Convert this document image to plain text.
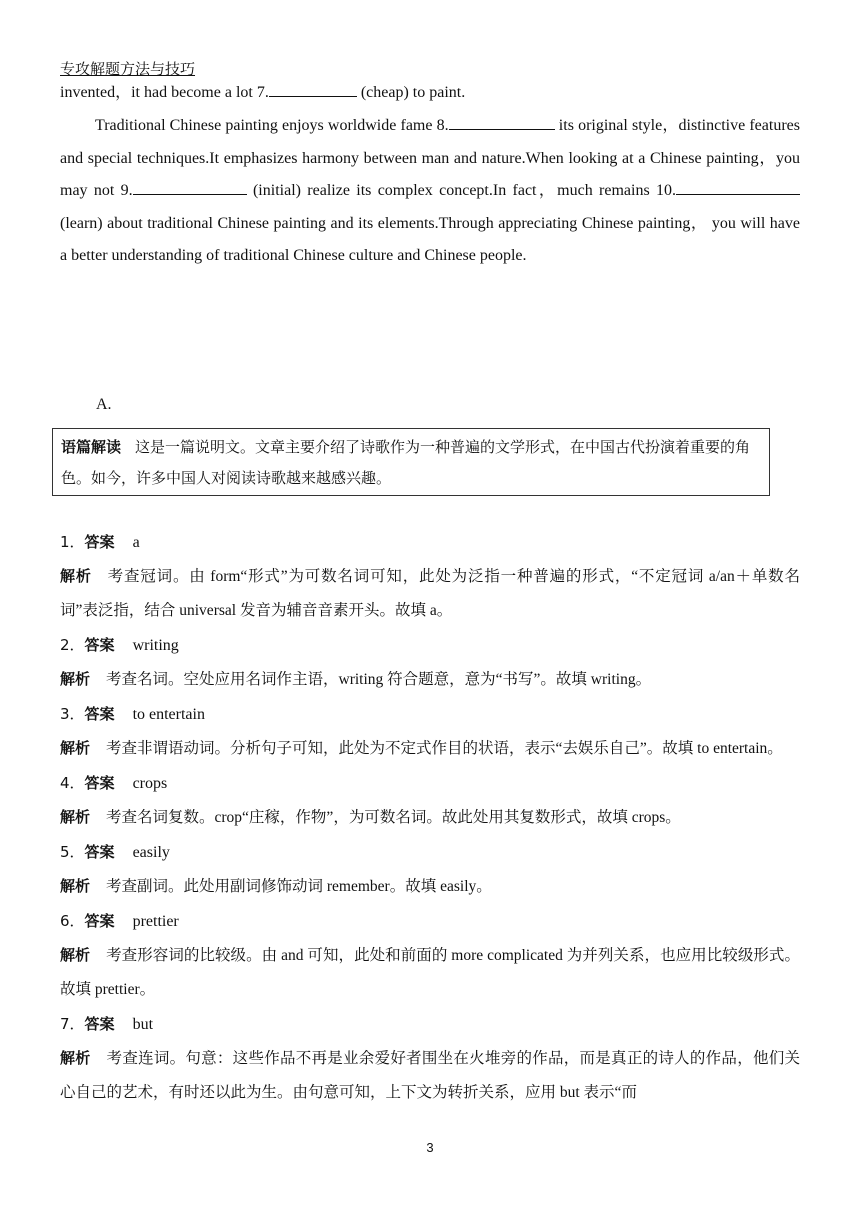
专攻解题方法与技巧
invented，it had become a lot 7.	(cheap) to paint.
Traditional Chinese painting enjoys worldwide fame 8.	its original style，distinctive features and special techniques.It emphasizes harmony between man and nature.When looking at a Chinese painting，you may not 9.	(initial) realize its complex concept.In fact，much remains 10. (learn) about traditional Chinese painting and its elements.Through appreciating Chinese painting， you will have a better understanding of traditional Chinese culture and Chinese people.
A.
语篇解读 这是一篇说明文。文章主要介绍了诗歌作为一种普遍的文学形式，在中国古代扮演着重要的角色。如今，许多中国人对阅读诗歌越来越感兴趣。
1．答案 a
解析 考查冠词。由 form“形式”为可数名词可知，此处为泛指一种普遍的形式，“不定冠词 a/an＋单数名词”表泛指，结合 universal 发音为辅音音素开头。故填 a。
2．答案 writing
解析 考查名词。空处应用名词作主语，writing 符合题意，意为“书写”。故填 writing。
3．答案 to entertain
解析 考查非谓语动词。分析句子可知，此处为不定式作目的状语，表示“去娱乐自己”。故填 to entertain。
4．答案 crops
解析 考查名词复数。crop“庄稼，作物”，为可数名词。故此处用其复数形式，故填 crops。
5．答案 easily
解析 考查副词。此处用副词修饰动词 remember。故填 easily。
6．答案 prettier
解析 考查形容词的比较级。由 and 可知，此处和前面的 more complicated 为并列关系，也应用比较级形式。故填 prettier。
7．答案 but
解析 考查连词。句意：这些作品不再是业余爱好者围坐在火堆旁的作品，而是真正的诗人的作品，他们关心自己的艺术，有时还以此为生。由句意可知，上下文为转折关系，应用 but 表示“而
3
